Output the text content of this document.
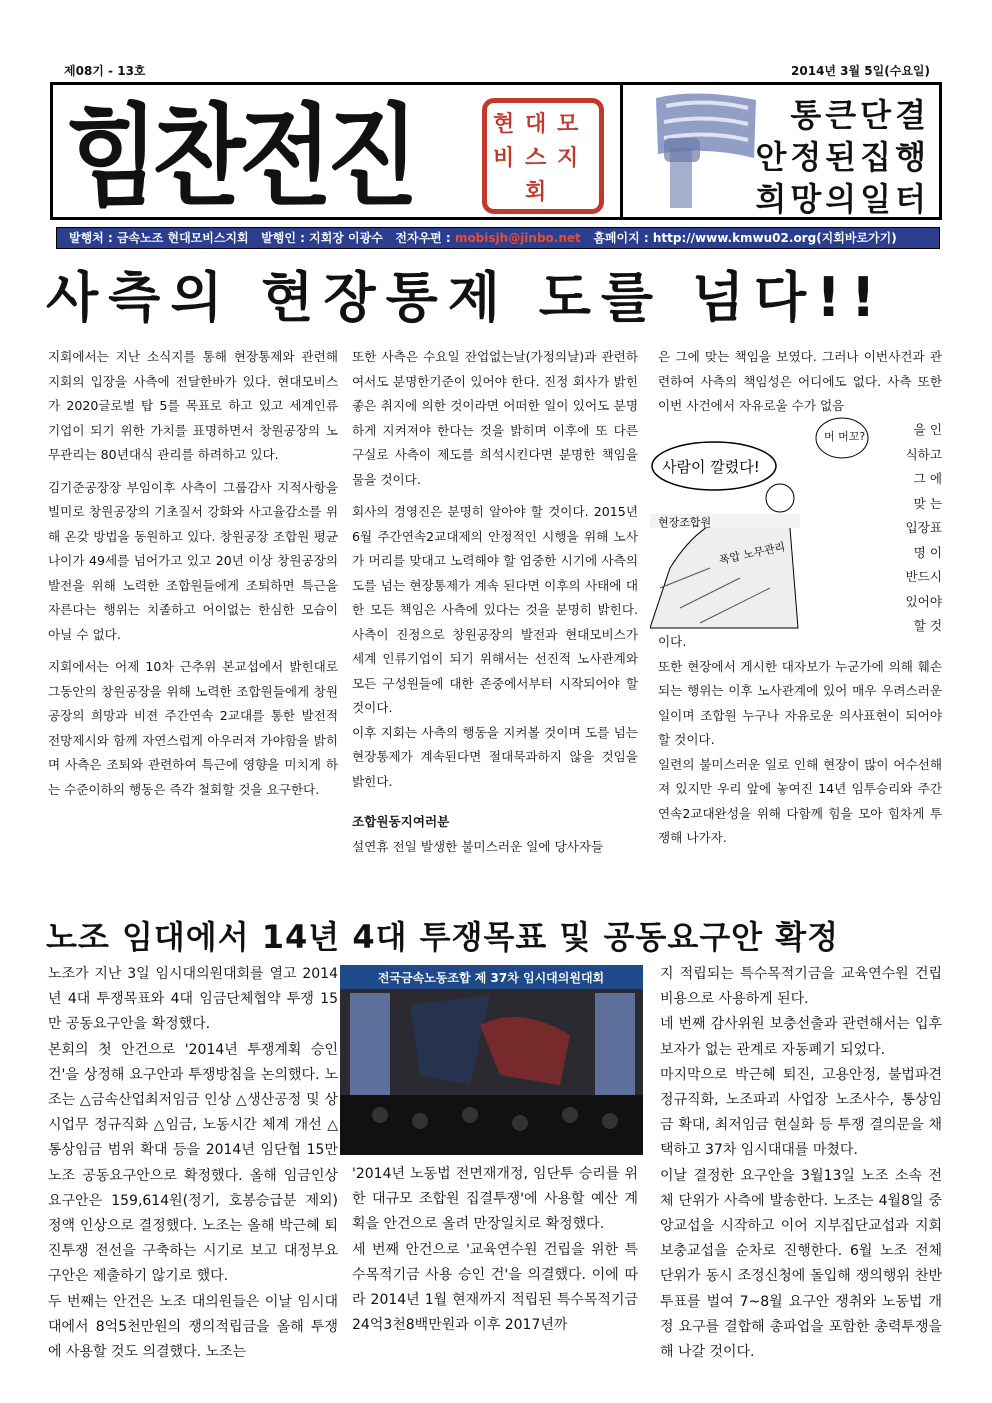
제08기 - 13호	2014년 3월 5일(수요일)
힘찬전진	현 대 모
비 스 지
회
통큰단결
안정된집행
희망의일터
발행처 : 금속노조 현대모비스지회 발행인 : 지회장 이광수 전자우편 : mobisjh@jinbo.net 홈페이지 : http://www.kmwu02.org(지회바로가기)
사측의 현장통제 도를 넘다!!

지회에서는 지난 소식지를 통해 현장통제와 관련해 지회의 입장을 사측에 전달한바가 있다. 현대모비스가 2020글로벌 탑 5를 목표로 하고 있고 세계인류 기업이 되기 위한 가치를 표명하면서 창원공장의 노무관리는 80년대식 관리를 하려하고 있다.

김기준공장장 부임이후 사측이 그룹감사 지적사항을 빌미로 창원공장의 기초질서 강화와 사고율감소를 위해 온갖 방법을 동원하고 있다. 창원공장 조합원 평균나이가 49세를 넘어가고 있고 20년 이상 창원공장의 발전을 위해 노력한 조합원들에게 조퇴하면 특근을 자른다는 행위는 치졸하고 어이없는 한심한 모습이 아닐 수 없다.

지회에서는 어제 10차 근추위 본교섭에서 밝힌대로 그동안의 창원공장을 위해 노력한 조합원들에게 창원공장의 희망과 비젼 주간연속 2교대를 통한 발전적 전망제시와 함께 자연스럽게 아우러져 가야함을 밝히며 사측은 조퇴와 관련하여 특근에 영향을 미치게 하는 수준이하의 행동은 즉각 철회할 것을 요구한다.

또한 사측은 수요일 잔업없는날(가정의날)과 관련하여서도 분명한기준이 있어야 한다. 진정 회사가 밝힌 좋은 취지에 의한 것이라면 어떠한 일이 있어도 분명하게 지켜져야 한다는 것을 밝히며 이후에 또 다른 구실로 사측이 제도를 희석시킨다면 분명한 책임을 물을 것이다.

회사의 경영진은 분명히 알아야 할 것이다. 2015년 6월 주간연속2교대제의 안정적인 시행을 위해 노사가 머리를 맞대고 노력해야 할 엄중한 시기에 사측의 도를 넘는 현장통제가 계속 된다면 이후의 사태에 대한 모든 책임은 사측에 있다는 것을 분명히 밝힌다. 사측이 진정으로 창원공장의 발전과 현대모비스가 세계 인류기업이 되기 위해서는 선진적 노사관계와 모든 구성원들에 대한 존중에서부터 시작되어야 할 것이다.

이후 지회는 사측의 행동을 지켜볼 것이며 도를 넘는 현장통제가 계속된다면 절대묵과하지 않을 것임을 밝힌다.

조합원동지여러분

설연휴 전일 발생한 불미스러운 일에 당사자들

은 그에 맞는 책임을 보였다. 그러나 이번사건과 관련하여 사측의 책임성은 어디에도 없다. 사측 또한 이번 사건에서 자유로울 수가 없음
사람이 깔렸다!
현장조합원
폭압 노무관리
머 머꼬?	을 인
식하고
그 에
맞 는
입장표
명 이
반드시
있어야
할 것

이다.

또한 현장에서 게시한 대자보가 누군가에 의해 훼손되는 행위는 이후 노사관계에 있어 매우 우려스러운 일이며 조합원 누구나 자유로운 의사표현이 되어야 할 것이다.

일련의 불미스러운 일로 인해 현장이 많이 어수선해져 있지만 우리 앞에 놓여진 14년 임투승리와 주간연속2교대완성을 위해 다함께 힘을 모아 힘차게 투쟁해 나가자.

노조 임대에서 14년 4대 투쟁목표 및 공동요구안 확정
노조가 지난 3일 임시대의원대회를 열고 2014년 4대 투쟁목표와 4대 임금단체협약 투쟁 15만 공동요구안을 확정했다.
본회의 첫 안건으로 '2014년 투쟁계획 승인 건'을 상정해 요구안과 투쟁방침을 논의했다. 노조는 △금속산업최저임금 인상 △생산공정 및 상시업무 정규직화 △임금, 노동시간 체계 개선 △통상임금 범위 확대 등을 2014년 임단협 15만 노조 공동요구안으로 확정했다. 올해 임금인상요구안은 159,614원(정기, 호봉승급분 제외) 정액 인상으로 결정했다. 노조는 올해 박근혜 퇴진투쟁 전선을 구축하는 시기로 보고 대정부요구안은 제출하기 않기로 했다.
두 번째는 안건은 노조 대의원들은 이날 임시대대에서 8억5천만원의 쟁의적립금을 올해 투쟁에 사용할 것도 의결했다. 노조는
전국금속노동조합 제 37차 임시대의원대회
'2014년 노동법 전면재개정, 임단투 승리를 위한 대규모 조합원 집결투쟁'에 사용할 예산 계획을 안건으로 올려 만장일치로 확정했다.
세 번째 안건으로 '교육연수원 건립을 위한 특수목적기금 사용 승인 건'을 의결했다. 이에 따라 2014년 1월 현재까지 적립된 특수목적기금 24억3천8백만원과 이후 2017년까
지 적립되는 특수목적기금을 교육연수원 건립 비용으로 사용하게 된다.
네 번째 감사위원 보충선출과 관련해서는 입후보자가 없는 관계로 자동폐기 되었다.
마지막으로 박근혜 퇴진, 고용안정, 불법파견 정규직화, 노조파괴 사업장 노조사수, 통상임금 확대, 최저임금 현실화 등 투쟁 결의문을 채택하고 37차 임시대대를 마쳤다.
이날 결정한 요구안을 3월13일 노조 소속 전체 단위가 사측에 발송한다. 노조는 4월8일 중앙교섭을 시작하고 이어 지부집단교섭과 지회보충교섭을 순차로 진행한다. 6월 노조 전체 단위가 동시 조정신청에 돌입해 쟁의행위 찬반투표를 벌여 7~8월 요구안 쟁취와 노동법 개정 요구를 결합해 총파업을 포함한 총력투쟁을 해 나갈 것이다.
